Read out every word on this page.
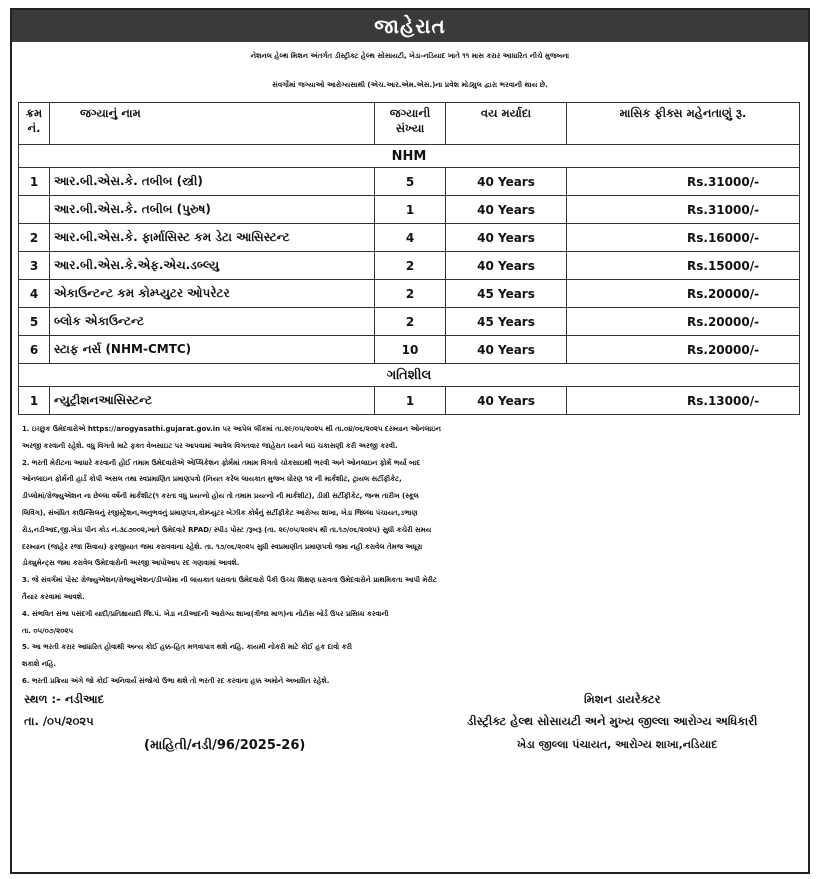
જાહેરાત
નેશનલ હેલ્થ મિશન અંતર્ગત ડીસ્ટ્રીક્ટ હેલ્થ સોસાયટી, ખેડા-નડિયાદ ખાતે ૧૧ માસ કરાર આધારિત નીચે મુજબના
સંવર્ગોમાં જગ્યાઓ આરોગ્યસાથી (એચ.આર.એમ.એસ.)ના પ્રવેશ મોડ્યુલ દ્વારા ભરવાની થાય છે.
ક્રમ નં.	જગ્યાનું નામ	જગ્યાની સંખ્યા	વય મર્યાદા	માસિક ફીક્સ મહેનતાણું રૂ.
NHM				
1	આર.બી.એસ.કે. તબીબ (સ્ત્રી)	5	40 Years	Rs.31000/-
	આર.બી.એસ.કે. તબીબ (પુરુષ)	1	40 Years	Rs.31000/-
2	આર.બી.એસ.કે. ફાર્માસિસ્ટ કમ ડેટા આસિસ્ટન્ટ	4	40 Years	Rs.16000/-
3	આર.બી.એસ.કે.એફ.એચ.ડબ્લ્યુ	2	40 Years	Rs.15000/-
4	એકાઉન્ટન્ટ કમ કોમ્પ્યુટર ઓપરેટર	2	45 Years	Rs.20000/-
5	બ્લોક એકાઉન્ટન્ટ	2	45 Years	Rs.20000/-
6	સ્ટાફ નર્સ (NHM-CMTC)	10	40 Years	Rs.20000/-
ગતિશીલ				
1	ન્યુટ્રીશનઆસિસ્ટન્ટ	1	40 Years	Rs.13000/-
1. ઇચ્છુક ઉમેદવારોએ https://arogyasathi.gujarat.gov.in પર આપેલ લીંકમાં તા.૨૯/૦૫/૨૦૨૫ થી તા.૦૪/૦૬/૨૦૨૫ દરમ્યાન ઓનલાઇન
અરજી કરવાની રહેશે. વધુ વિગતો માટે ફક્ત વેબસાઇટ પર આપવામાં આવેલ વિગતવાર જાહેરાત ધ્યાને લઇ ચકાસણી કરી અરજી કરવી.
2. ભરતી મેરીટના આધારે કરવાની હોઈ તમામ ઉમેદવારોએ એપ્લિકેશન ફોર્મમાં તમામ વિગતો ચોકસાઇથી ભરવી અને ઓનલાઇન ફોર્મ ભર્યા બાદ
ઓનલાઇન ફોર્મની હાર્ડ કોપી અસલ તથા સ્વપ્રમાણિત પ્રમાણપત્રો (નિયત કરેલ લાયકાત મુજબ ધોરણ ૧૨ ની માર્કશીટ, ટ્રાયલ સર્ટીફીકેટ,
ડીપ્લોમાં/ગ્રેજ્યુએશન ના છેલ્લા વર્ષની માર્કશીટ(૧ કરતા વધુ પ્રયત્નો હોય તો તમામ પ્રયત્નો ની માર્કશીટ), ડીગ્રી સર્ટીફીકેટ, જન્મ તારીખ (સ્કૂલ
લિવિંગ), સંબંધિત કાઉન્સિલનું રજીસ્ટ્રેશન,અનુભવનું પ્રમાણપત્ર,કોમ્પ્યુટર બેઝીક કોર્ષનું સર્ટીફીકેટ આરોગ્ય શાખા, ખેડા જિલ્લા પંચાયત,ડભાણ
રોડ,નડીઆદ,જી.ખેડા પીન કોડ નં.૩૮૭૦૦૨,ખાતે ઉમેદવારે RPAD/ સ્પીડ પોસ્ટ /રૂબરૂ (તા. ૨૯/૦૫/૨૦૨૫ થી તા.૧૭/૦૬/૨૦૨૫) સુધી કચેરી સમય
દરમ્યાન (જાહેર રજા સિવાય) ફરજીયાત જમા કરાવવાના રહેશે. તા. ૧૭/૦૬/૨૦૨૫ સુધી સ્વપ્રમાણીત પ્રમાણપત્રો જમા નહી કરાવેલ તેમજ અધૂરા
ડોક્યુમેન્ટ્સ જમા કરાવેલ ઉમેદવારોની અરજી આપોઆપ રદ ગણવામાં આવશે.
3. જે સંવર્ગમાં પોસ્ટ ગ્રેજ્યુએશન/ગ્રેજ્યુએશન/ડીપ્લોમા ની લાયકાત ધરાવતા ઉમેદવારો પૈકી ઉચ્ચ શિક્ષણ ધરાવતા ઉમેદવારોને પ્રાથમિકતા આપી મેરીટ
તૈયાર કરવામાં આવશે.
4. સંભવિત સંભા પસંદગી યાદી/પ્રતિક્ષાયાદી જિ.પં. ખેડા નડીઆદની આરોગ્ય શાખા(ત્રીજા માળ)ના નોટીસ બોર્ડ ઉપર પ્રસિધ્ધ કરવાની
તા. ૦૫/૦૭/૨૦૨૫
5. આ ભરતી કરાર આધારિત હોવાથી અન્ય કોઈ હક્ક-હિત મળવાપાત્ર થશે નહિ. કાયમી નોકરી માટે કોઈ હક દાવો કરી
શકાશે નહિ.
6. ભરતી પ્રક્રિયા અંગે જો કોઈ અનિવાર્ય સંજોગો ઉભા થશે તો ભરતી રદ કરવાના હક્ક અમોને અબાધિત રહેશે.
સ્થળ :- નડીઆદ
તા. /૦૫/૨૦૨૫
(માહિતી/નડી/96/2025-26)
મિશન ડાયરેક્ટર
ડીસ્ટ્રીક્ટ હેલ્થ સોસાયટી અને મુખ્ય જીલ્લા આરોગ્ય અધિકારી
ખેડા જીલ્લા પંચાયત, આરોગ્ય શાખા,નડિયાદ
